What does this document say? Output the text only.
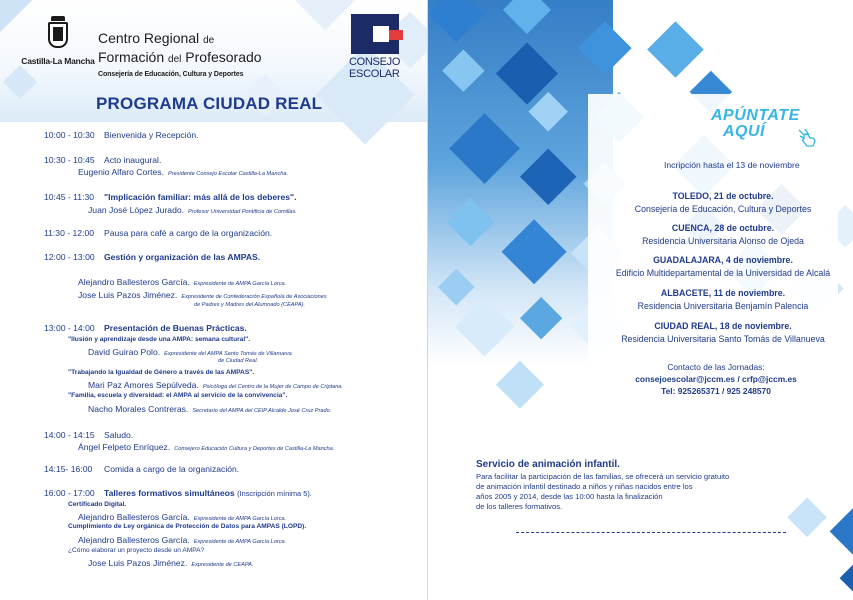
Castilla-La Mancha
Centro Regional de
Formación del Profesorado
Consejería de Educación, Cultura y Deportes
CONSEJO
ESCOLAR
PROGRAMA CIUDAD REAL
10:00 - 10:30 Bienvenida y Recepción.
10:30 - 10:45 Acto inaugural.
Eugenio Alfaro Cortes. Presidente Consejo Escolar Castilla-La Mancha.
10:45 - 11:30 "Implicación familiar: más allá de los deberes".
Juan José López Jurado. Profesor Universidad Pontificia de Comillas.
11:30 - 12:00 Pausa para café a cargo de la organización.
12:00 - 13:00 Gestión y organización de las AMPAS.
Alejandro Ballesteros García. Expresidente de AMPA García Lorca.
Jose Luis Pazos Jiménez. Expresidente de Confederación Española de Asociaciones
de Padres y Madres del Alumnado (CEAPA).
13:00 - 14:00 Presentación de Buenas Prácticas.
"Ilusión y aprendizaje desde una AMPA: semana cultural".
David Guirao Polo. Expresidente del AMPA Santo Tomás de Villanueva
de Ciudad Real.
"Trabajando la Igualdad de Género a través de las AMPAS".
Mari Paz Amores Sepúlveda. Psicóloga del Centro de la Mujer de Campo de Criptana.
"Familia, escuela y diversidad: el AMPA al servicio de la convivencia".
Nacho Morales Contreras. Secretario del AMPA del CEIP Alcalde José Cruz Prado.
14:00 - 14:15 Saludo.
Ángel Felpeto Enríquez. Consejero Educación Cultura y Deportes de Castilla-La Mancha.
14:15- 16:00 Comida a cargo de la organización.
16:00 - 17:00 Talleres formativos simultáneos (Inscripción mínima 5).
Certificado Digital.
Alejandro Ballesteros García. Expresidente de AMPA García Lorca.
Cumplimiento de Ley orgánica de Protección de Datos para AMPAS (LOPD).
Alejandro Ballesteros García. Expresidente de AMPA García Lorca.
¿Cómo elaborar un proyecto desde un AMPA?
Jose Luis Pazos Jiménez. Expresidente de CEAPA.
APÚNTATE
AQUÍ
Incripción hasta el 13 de noviembre
TOLEDO, 21 de octubre.
Consejería de Educación, Cultura y Deportes
CUENCA, 28 de octubre.
Residencia Universitaria Alonso de Ojeda
GUADALAJARA, 4 de noviembre.
Edificio Multidepartamental de la Universidad de Alcalá
ALBACETE, 11 de noviembre.
Residencia Universitaria Benjamín Palencia
CIUDAD REAL, 18 de noviembre.
Residencia Universitaria Santo Tomás de Villanueva
Contacto de las Jornadas:
consejoescolar@jccm.es / crfp@jccm.es
Tel: 925265371 / 925 248570
Servicio de animación infantil.
Para facilitar la participación de las familias, se ofrecerá un servicio gratuito
de animación infantil destinado a niños y niñas nacidos entre los
años 2005 y 2014, desde las 10:00 hasta la finalización
de los talleres formativos.
